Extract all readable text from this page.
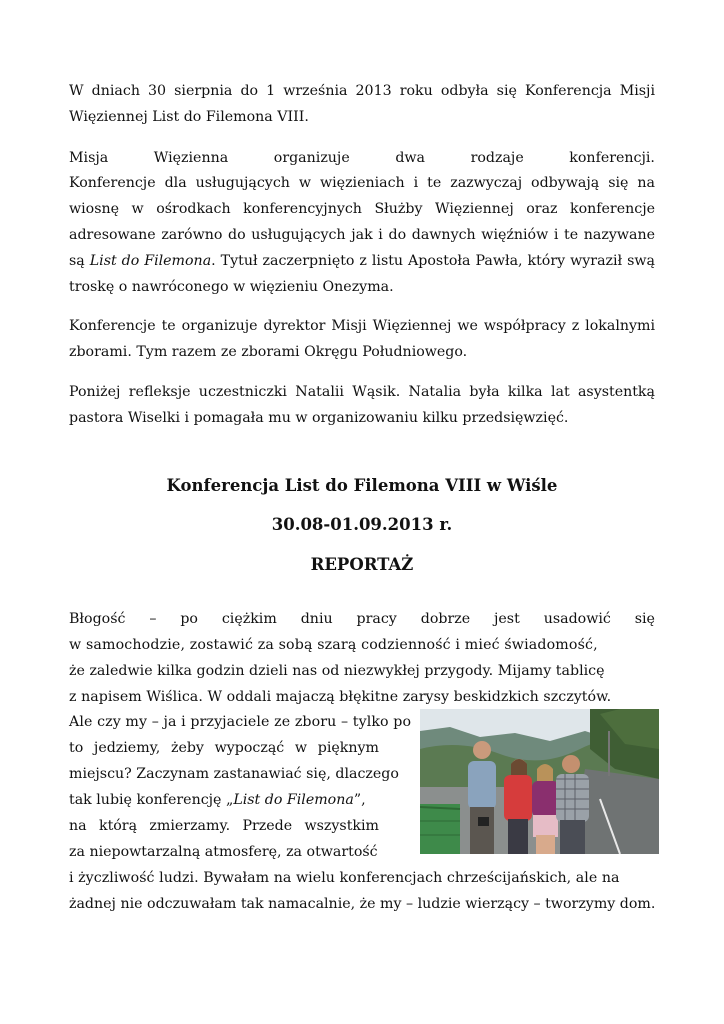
W dniach 30 sierpnia do 1 września 2013 roku odbyła się Konferencja Misji Więziennej List do Filemona VIII.

Misja	Więzienna	organizuje	dwa	rodzaje	konferencji.

Konferencje dla usługujących w więzieniach i te zazwyczaj odbywają się na wiosnę w ośrodkach konferencyjnych Służby Więziennej oraz konferencje adresowane zarówno do usługujących jak i do dawnych więźniów i te nazywane są List do Filemona. Tytuł zaczerpnięto z listu Apostoła Pawła, który wyraził swą troskę o nawróconego w więzieniu Onezyma.

Konferencje te organizuje dyrektor Misji Więziennej we współpracy z lokalnymi zborami. Tym razem ze zborami Okręgu Południowego.

Poniżej refleksje uczestniczki Natalii Wąsik. Natalia była kilka lat asystentką pastora Wiselki i pomagała mu w organizowaniu kilku przedsięwzięć.

Konferencja List do Filemona VIII w Wiśle

30.08-01.09.2013 r.

REPORTAŻ

Błogość – po ciężkim dniu pracy dobrze jest usadowić się
w samochodzie, zostawić za sobą szarą codzienność i mieć świadomość,
że zaledwie kilka godzin dzieli nas od niezwykłej przygody. Mijamy tablicę
z napisem Wiślica. W oddali majaczą błękitne zarysy beskidzkich szczytów.
Ale czy my – ja i przyjaciele ze zboru – tylko po
to jedziemy, żeby wypocząć w pięknym
miejscu? Zaczynam zastanawiać się, dlaczego
tak lubię konferencję „List do Filemona”,
na którą zmierzamy. Przede wszystkim
za niepowtarzalną atmosferę, za otwartość
i życzliwość ludzi. Bywałam na wielu konferencjach chrześcijańskich, ale na
żadnej nie odczuwałam tak namacalnie, że my – ludzie wierzący – tworzymy dom.
